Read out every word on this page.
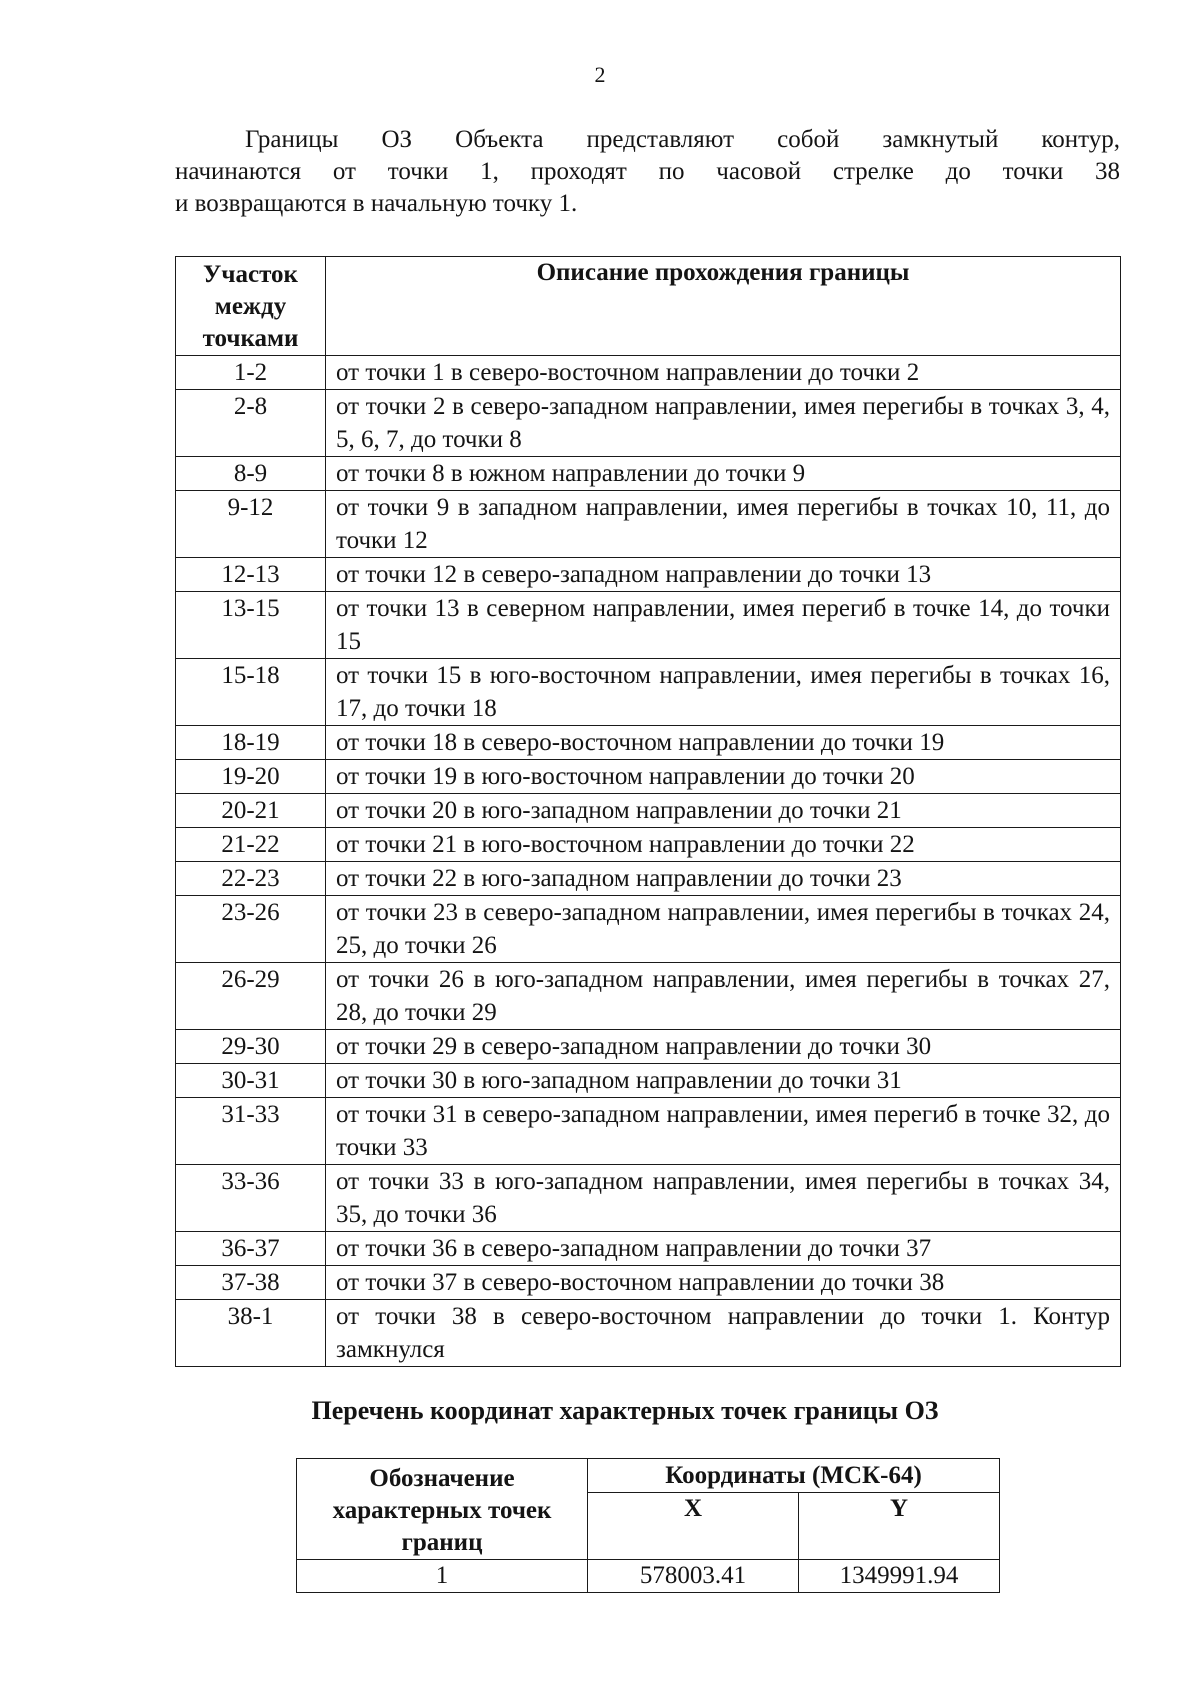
2

Границы ОЗ Объекта представляют собой замкнутый контур,

начинаются от точки 1, проходят по часовой стрелке до точки 38

и возвращаются в начальную точку 1.

Участок между точками	Описание прохождения границы
1-2	от точки 1 в северо-восточном направлении до точки 2

2-8	от точки 2 в северо-западном направлении, имея перегибы в точках 3, 4, 5, 6, 7, до точки 8

8-9	от точки 8 в южном направлении до точки 9

9-12	от точки 9 в западном направлении, имея перегибы в точках 10, 11, до точки 12

12-13	от точки 12 в северо-западном направлении до точки 13

13-15	от точки 13 в северном направлении, имея перегиб в точке 14, до точки 15

15-18	от точки 15 в юго-восточном направлении, имея перегибы в точках 16, 17, до точки 18

18-19	от точки 18 в северо-восточном направлении до точки 19

19-20	от точки 19 в юго-восточном направлении до точки 20

20-21	от точки 20 в юго-западном направлении до точки 21

21-22	от точки 21 в юго-восточном направлении до точки 22

22-23	от точки 22 в юго-западном направлении до точки 23

23-26	от точки 23 в северо-западном направлении, имея перегибы в точках 24, 25, до точки 26

26-29	от точки 26 в юго-западном направлении, имея перегибы в точках 27, 28, до точки 29

29-30	от точки 29 в северо-западном направлении до точки 30

30-31	от точки 30 в юго-западном направлении до точки 31

31-33	от точки 31 в северо-западном направлении, имея перегиб в точке 32, до точки 33

33-36	от точки 33 в юго-западном направлении, имея перегибы в точках 34, 35, до точки 36

36-37	от точки 36 в северо-западном направлении до точки 37

37-38	от точки 37 в северо-восточном направлении до точки 38

38-1	от точки 38 в северо-восточном направлении до точки 1. Контур замкнулся
Перечень координат характерных точек границы ОЗ
Обозначение характерных точек границ	Координаты (МСК-64)	
	X	Y
1	578003.41	1349991.94
